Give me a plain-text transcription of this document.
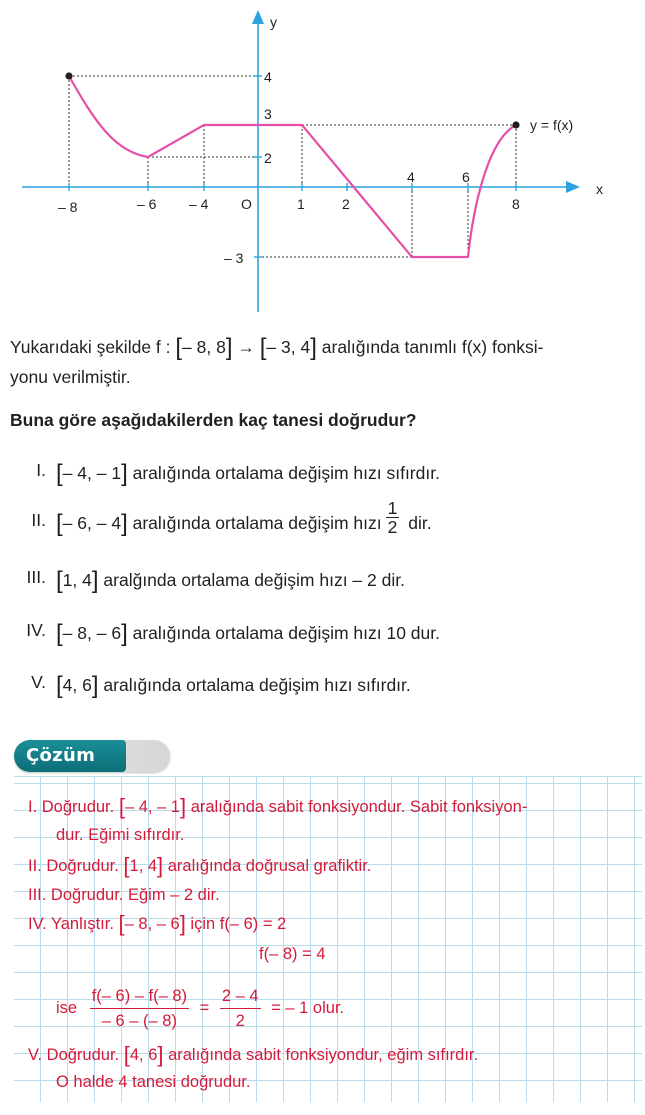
y
x
y = f(x)
O
– 8	– 6 – 4	1	2
4	6
8
4
3
2
– 3
Yukarıdaki şekilde f : [– 8, 8] → [– 3, 4] aralığında tanımlı f(x) fonksi-
yonu verilmiştir.
Buna göre aşağıdakilerden kaç tanesi doğrudur?
I. [– 4, – 1] aralığında ortalama değişim hızı sıfırdır.
II. [– 6, – 4] aralığında ortalama değişim hızı $\frac{1}{2}$ dir.
III. [1, 4] aralğında ortalama değişim hızı – 2 dir.
IV. [– 8, – 6] aralığında ortalama değişim hızı 10 dur.
V. [4, 6] aralığında ortalama değişim hızı sıfırdır.
Çözüm
I. Doğrudur. [– 4, – 1] aralığında sabit fonksiyondur. Sabit fonksiyon-
dur. Eğimi sıfırdır.
II. Doğrudur. [1, 4] aralığında doğrusal grafiktir.
III. Doğrudur. Eğim – 2 dir.
IV. Yanlıştır. [– 8, – 6] için f(– 6) = 2
f(– 8) = 4
ise $\frac{f(- 6) - f(- 8)}{- 6 - (- 8)} = \frac{2 - 4}{2}$ = – 1 olur.
V. Doğrudur. [4, 6] aralığında sabit fonksiyondur, eğim sıfırdır.
O halde 4 tanesi doğrudur.
